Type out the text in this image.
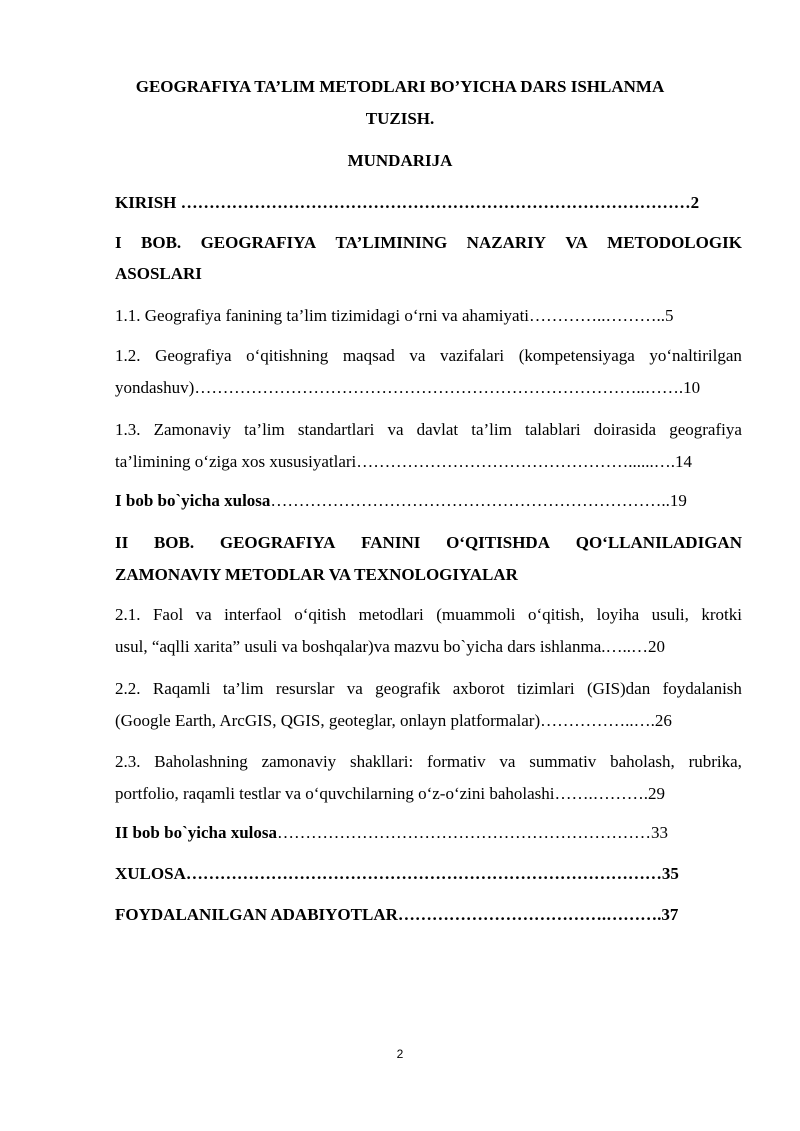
GEOGRAFIYA TA’LIM METODLARI BO’YICHA DARS ISHLANMA
TUZISH.
MUNDARIJA
KIRISH ………………………………………………………………………………2
I BOB. GEOGRAFIYA TA’LIMINING NAZARIY VA METODOLOGIK
ASOSLARI
1.1. Geografiya fanining ta’lim tizimidagi o‘rni va ahamiyati…………..………..5
1.2. Geografiya o‘qitishning maqsad va vazifalari (kompetensiyaga yo‘naltirilgan
yondashuv)……………………………………………………………………..…….10
1.3. Zamonaviy ta’lim standartlari va davlat ta’lim talablari doirasida geografiya
ta’limining o‘ziga xos xususiyatlari…………………………………………......….14
I bob bo`yicha xulosa……………………………………………………………..19
II BOB. GEOGRAFIYA FANINI O‘QITISHDA QO‘LLANILADIGAN
ZAMONAVIY METODLAR VA TEXNOLOGIYALAR
2.1. Faol va interfaol o‘qitish metodlari (muammoli o‘qitish, loyiha usuli, krotki
usul, “aqlli xarita” usuli va boshqalar)va mazvu bo`yicha dars ishlanma.…..…20
2.2. Raqamli ta’lim resurslar va geografik axborot tizimlari (GIS)dan foydalanish
(Google Earth, ArcGIS, QGIS, geoteglar, onlayn platformalar)……………..….26
2.3. Baholashning zamonaviy shakllari: formativ va summativ baholash, rubrika,
portfolio, raqamli testlar va o‘quvchilarning o‘z-o‘zini baholashi…….……….29
II bob bo`yicha xulosa…………………………………………………………33
XULOSA…………………………………………………………………………35
FOYDALANILGAN ADABIYOTLAR……………………………….……….37
2
